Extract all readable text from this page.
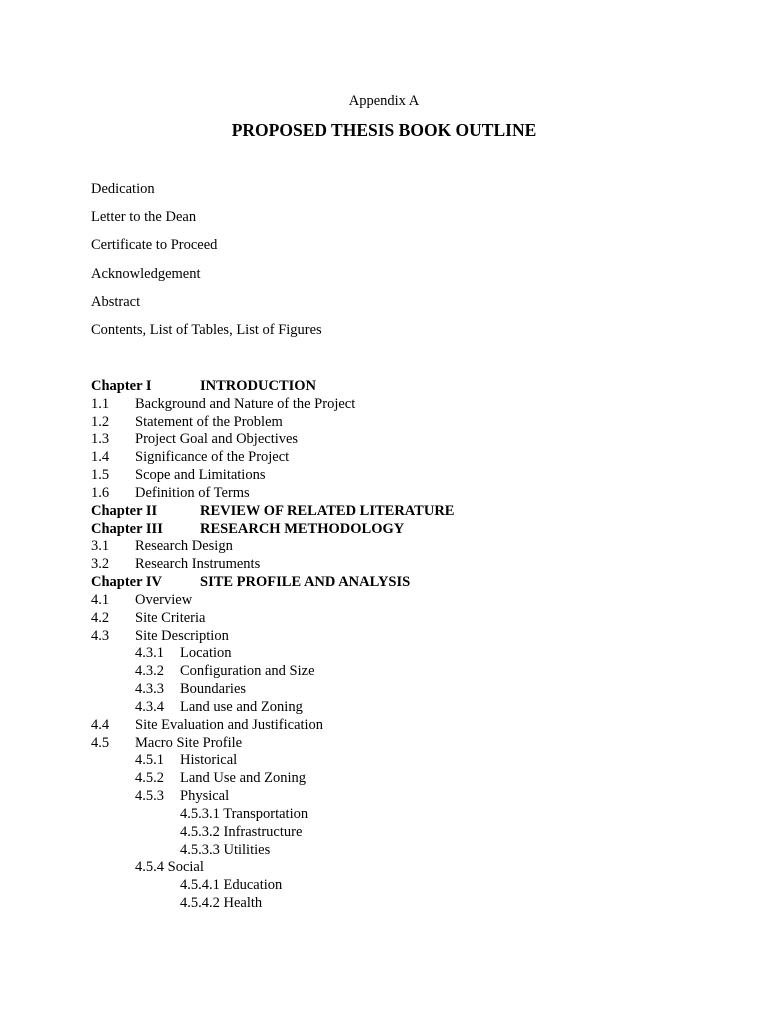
Appendix A
PROPOSED THESIS BOOK OUTLINE
Dedication
Letter to the Dean
Certificate to Proceed
Acknowledgement
Abstract
Contents, List of Tables, List of Figures
Chapter I	INTRODUCTION
1.1 Background and Nature of the Project
1.2 Statement of the Problem
1.3 Project Goal and Objectives
1.4 Significance of the Project
1.5 Scope and Limitations
1.6 Definition of Terms
Chapter II	REVIEW OF RELATED LITERATURE
Chapter III	RESEARCH METHODOLOGY
3.1 Research Design
3.2 Research Instruments
Chapter IV	SITE PROFILE AND ANALYSIS
4.1 Overview
4.2 Site Criteria
4.3 Site Description
4.3.1 Location
4.3.2 Configuration and Size
4.3.3 Boundaries
4.3.4 Land use and Zoning
4.4 Site Evaluation and Justification
4.5 Macro Site Profile
4.5.1 Historical
4.5.2 Land Use and Zoning
4.5.3 Physical
4.5.3.1 Transportation
4.5.3.2 Infrastructure
4.5.3.3 Utilities
4.5.4 Social
4.5.4.1 Education
4.5.4.2 Health
